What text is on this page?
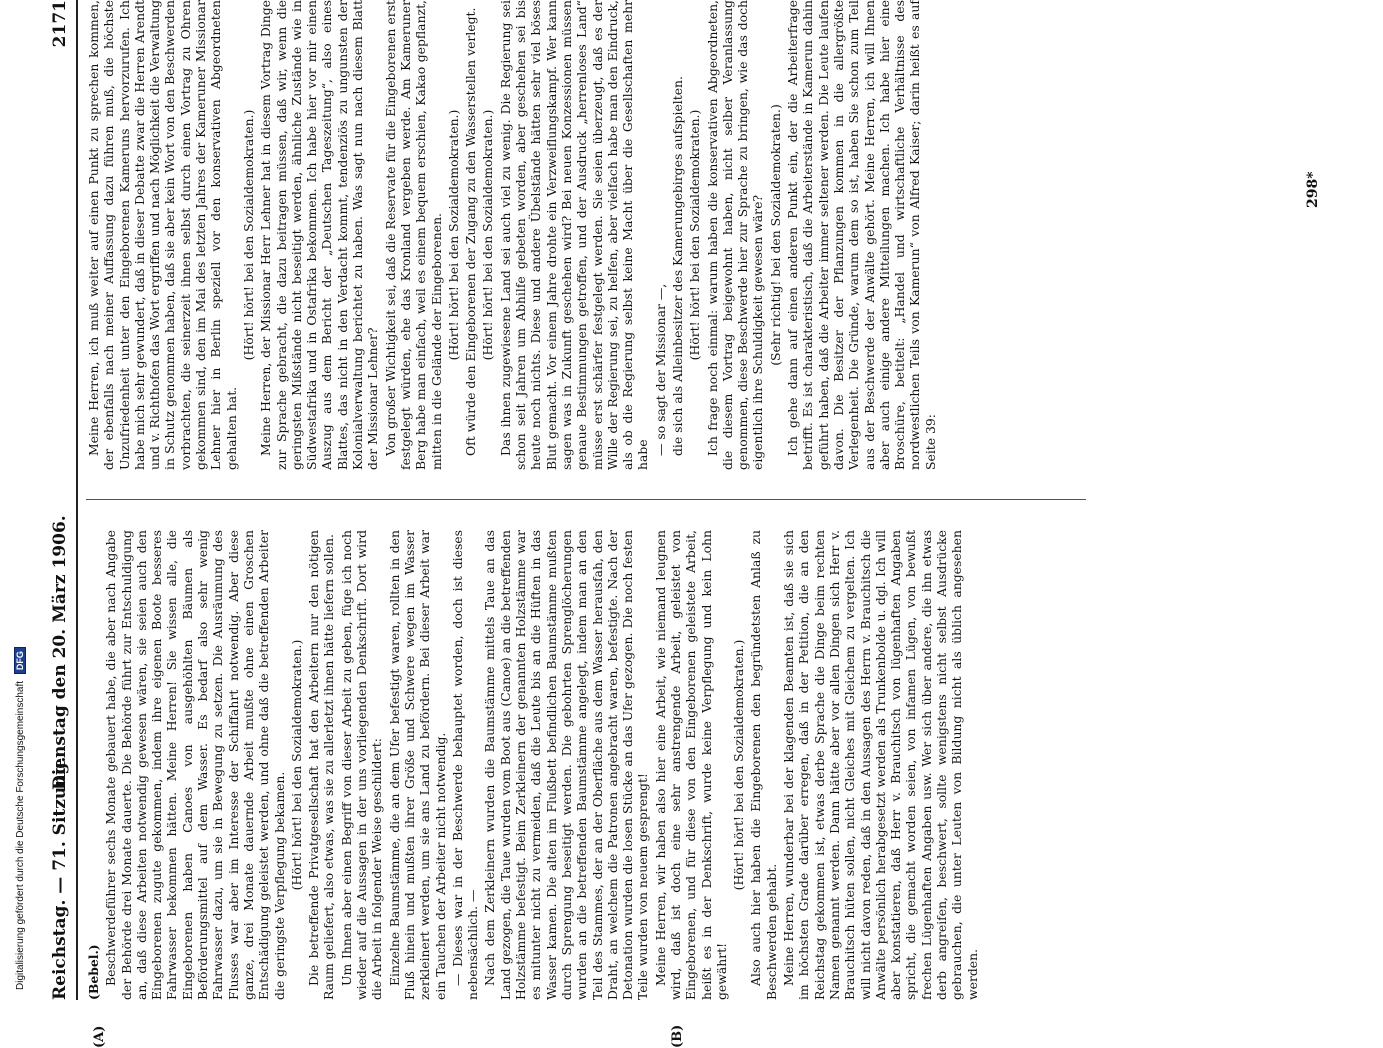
Reichstag. — 71. Sitzung.
Dienstag den 20. März 1906.
2171

(Bebel.) Beschwerdeführer sechs Monate gebauert habe, die aber nach Angabe der Behörde drei Monate dauerte. Die Behörde führt zur Entschuldigung an, daß diese Arbeiten notwendig gewesen wären, sie seien auch den Eingeborenen zugute gekommen, indem ihre eigenen Boote besseres Fahrwasser bekommen hätten. Meine Herren! Sie wissen alle, die Eingeborenen haben Canoes von ausgehöhlten Bäumen als Beförderungsmittel auf dem Wasser. Es bedarf also sehr wenig Fahrwasser dazu, um sie in Bewegung zu setzen. Die Ausräumung des Flusses war aber im Interesse der Schiffahrt notwendig. Aber diese ganze, drei Monate dauernde Arbeit mußte ohne einen Groschen Entschädigung geleistet werden, und ohne daß die betreffenden Arbeiter die geringste Verpflegung bekamen. (Hört! hört! bei den Sozialdemokraten.) Die betreffende Privatgesellschaft hat den Arbeitern nur den nötigen Raum geliefert, also etwas, was sie zu allerletzt ihnen hätte liefern sollen. Um Ihnen aber einen Begriff von dieser Arbeit zu geben, füge ich noch wieder auf die Aussagen in der uns vorliegenden Denkschrift. Dort wird die Arbeit in folgender Weise geschildert: Einzelne Baumstämme, die an dem Ufer befestigt waren, rollten in den Fluß hinein und mußten ihrer Größe und Schwere wegen im Wasser zerkleinert werden, um sie ans Land zu befördern. Bei dieser Arbeit war ein Tauchen der Arbeiter nicht notwendig. — Dieses war in der Beschwerde behauptet worden, doch ist dieses nebensächlich. — Nach dem Zerkleinern wurden die Baumstämme mittels Taue an das Land gezogen, die Taue wurden vom Boot aus (Canoe) an die betreffenden Holzstämme befestigt. Beim Zerkleinern der genannten Holzstämme war es mitunter nicht zu vermeiden, daß die Leute bis an die Hüften in das Wasser kamen. Die alten im Flußbett befindlichen Baumstämme mußten durch Sprengung beseitigt werden. Die gebohrten Sprenglöcherungen wurden an die betreffenden Baumstämme angelegt, indem man an den Teil des Stammes, der an der Oberfläche aus dem Wasser herausfah, den Draht, an welchem die Patronen angebracht waren, befestigte. Nach der Detonation wurden die losen Stücke an das Ufer gezogen. Die noch festen Teile wurden von neuem gesprengt! Meine Herren, wir haben also hier eine Arbeit, wie niemand leugnen wird, daß ist doch eine sehr anstrengende Arbeit, geleistet von Eingeborenen, und für diese von den Eingeborenen geleistete Arbeit, heißt es in der Denkschrift, wurde keine Verpflegung und kein Lohn gewährt!

(Hört! hört! bei den Sozialdemokraten.) Also auch hier haben die Eingeborenen den begründetsten Anlaß zu Beschwerden gehabt. Meine Herren, wunderbar bei der klagenden Beamten ist, daß sie sich im höchsten Grade darüber erregen, daß in der Petition, die an den Reichstag gekommen ist, etwas derbe Sprache die Dinge beim rechten Namen genannt werden. Dann hätte aber vor allen Dingen sich Herr v. Brauchitsch hüten sollen, nicht Gleiches mit Gleichem zu vergelten. Ich will nicht davon reden, daß in den Aussagen des Herrn v. Brauchitsch die Anwälte persönlich herabgesetzt werden als Trunkenbolde u. dgl. Ich will aber konstatieren, daß Herr v. Brauchitsch von lügenhaften Angaben spricht, die gemacht worden seien, von infamen Lügen, von bewußt frechen Lügenhaften Angaben usw. Wer sich über andere, die ihn etwas derb angreifen, beschwert, sollte wenigstens nicht selbst Ausdrücke gebrauchen, die unter Leuten von Bildung nicht als üblich angesehen werden.

Meine Herren, ich muß weiter auf einen Punkt zu sprechen kommen, der ebenfalls nach meiner Auffassung dazu führen muß, die höchste Unzufriedenheit unter den Eingeborenen Kameruns hervorzurufen. Ich habe mich sehr gewundert, daß in dieser Debatte zwar die Herren Arendt und v. Richthofen das Wort ergriffen und nach Möglichkeit die Verwaltung in Schutz genommen haben, daß sie aber kein Wort von den Beschwerden vorbrachten, die seinerzeit ihnen selbst durch einen Vortrag zu Ohren gekommen sind, den im Mai des letzten Jahres der Kameruner Missionar Lehner hier in Berlin speziell vor den konservativen Abgeordneten gehalten hat.

(Hört! hört! bei den Sozialdemokraten.) Meine Herren, der Missionar Herr Lehner hat in diesem Vortrag Dinge zur Sprache gebracht, die dazu beitragen müssen, daß wir, wenn die geringsten Mißstände nicht beseitigt werden, ähnliche Zustände wie in Südwestafrika und in Ostafrika bekommen. Ich habe hier vor mir einen Auszug aus dem Bericht der „Deutschen Tageszeitung“, also eines Blattes, das nicht in den Verdacht kommt, tendenziös zu ungunsten der Kolonialverwaltung berichtet zu haben. Was sagt nun nach diesem Blatt der Missionar Lehner? Von großer Wichtigkeit sei, daß die Reservate für die Eingeborenen erst festgelegt würden, ehe das Kronland vergeben werde. Am Kameruner Berg habe man einfach, weil es einem bequem erschien, Kakao gepflanzt, mitten in die Gelände der Eingeborenen. (Hört! hört! bei den Sozialdemokraten.) Oft würde den Eingeborenen der Zugang zu den Wasserstellen verlegt. (Hört! hört! bei den Sozialdemokraten.) Das ihnen zugewiesene Land sei auch viel zu wenig. Die Regierung sei schon seit Jahren um Abhilfe gebeten worden, aber geschehen sei bis heute noch nichts. Diese und andere Übelstände hätten sehr viel böses Blut gemacht. Vor einem Jahre drohte ein Verzweiflungskampf. Wer kann sagen was in Zukunft geschehen wird? Bei neuen Konzessionen müssen genaue Bestimmungen getroffen, und der Ausdruck „herrenloses Land“ müsse erst schärfer festgelegt werden. Sie seien überzeugt, daß es der Wille der Regierung sei, zu helfen, aber vielfach habe man den Eindruck, als ob die Regierung selbst keine Macht über die Gesellschaften mehr habe — so sagt der Missionar —, die sich als Alleinbesitzer des Kamerungebirges aufspielten. (Hört! hört! bei den Sozialdemokraten.) Ich frage noch einmal: warum haben die konservativen Abgeordneten, die diesem Vortrag beigewohnt haben, nicht selber Veranlassung genommen, diese Beschwerde hier zur Sprache zu bringen, wie das doch eigentlich ihre Schuldigkeit gewesen wäre? (Sehr richtig! bei den Sozialdemokraten.) Ich gehe dann auf einen anderen Punkt ein, der die Arbeiterfrage betrifft. Es ist charakteristisch, daß die Arbeiterstände in Kamerun dahin geführt haben, daß die Arbeiter immer seltener werden. Die Leute laufen davon. Die Besitzer der Pflanzungen kommen in die allergrößte Verlegenheit. Die Gründe, warum dem so ist, haben Sie schon zum Teil aus der Beschwerde der Anwälte gehört. Meine Herren, ich will Ihnen aber auch einige andere Mitteilungen machen. Ich habe hier eine Broschüre, betitelt: „Handel und wirtschaftliche Verhältnisse des nordwestlichen Teils von Kamerun“ von Alfred Kaiser; darin heißt es auf Seite 39:

(A)	(B)
298*
Digitalisierung gefördert durch die Deutsche Forschungsgemeinschaft DFG
